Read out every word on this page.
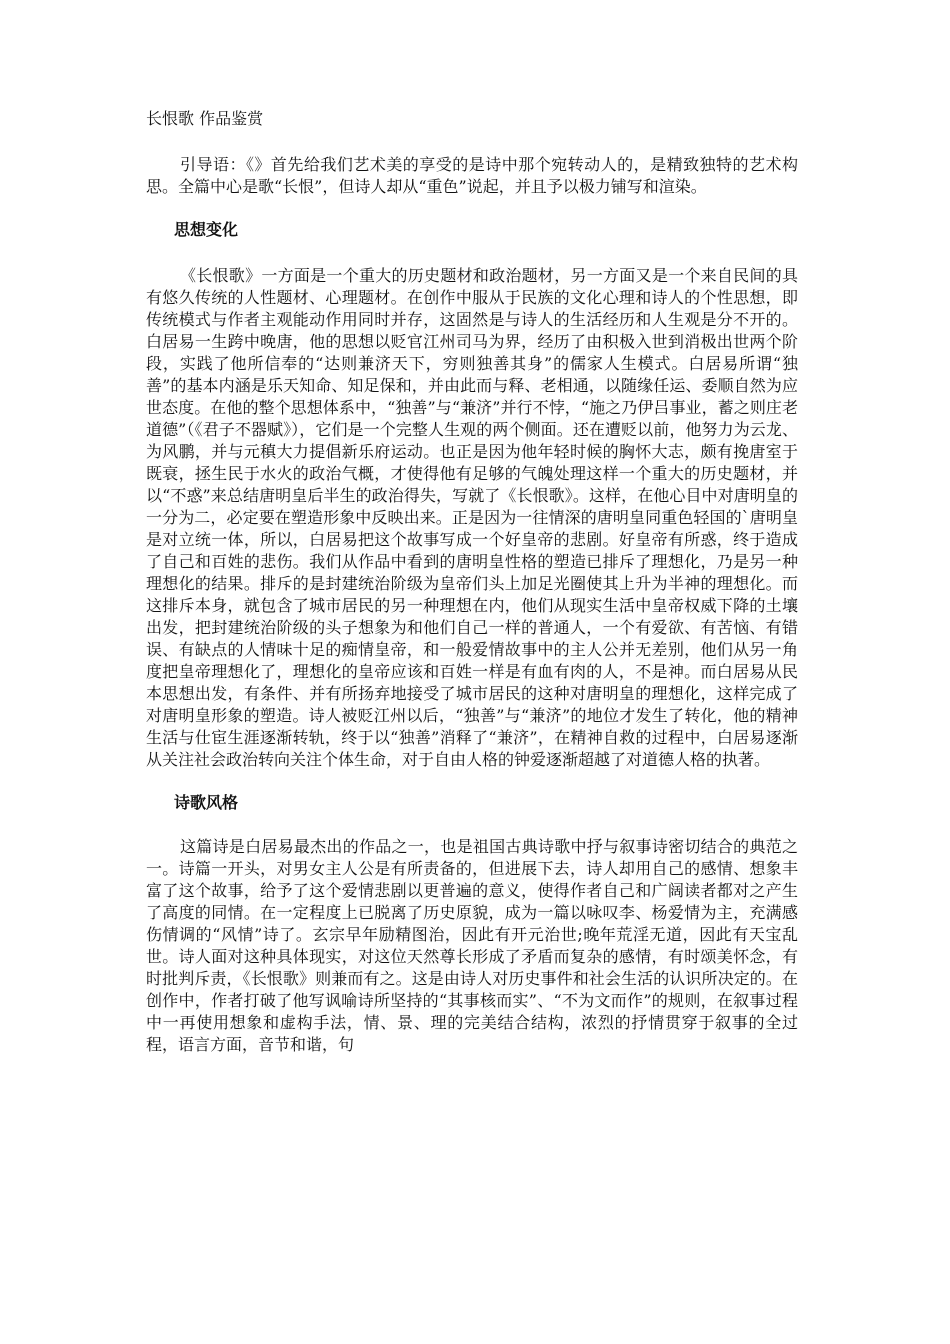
长恨歌 作品鉴赏

引导语：《》首先给我们艺术美的享受的是诗中那个宛转动人的，是精致独特的艺术构思。全篇中心是歌“长恨”，但诗人却从“重色”说起，并且予以极力铺写和渲染。

思想变化

《长恨歌》一方面是一个重大的历史题材和政治题材，另一方面又是一个来自民间的具有悠久传统的人性题材、心理题材。在创作中服从于民族的文化心理和诗人的个性思想，即传统模式与作者主观能动作用同时并存，这固然是与诗人的生活经历和人生观是分不开的。白居易一生跨中晚唐，他的思想以贬官江州司马为界，经历了由积极入世到消极出世两个阶段，实践了他所信奉的“达则兼济天下，穷则独善其身”的儒家人生模式。白居易所谓“独善”的基本内涵是乐天知命、知足保和，并由此而与释、老相通，以随缘任运、委顺自然为应世态度。在他的整个思想体系中，“独善”与“兼济”并行不悖，“施之乃伊吕事业，蓄之则庄老道德”（《君子不器赋》），它们是一个完整人生观的两个侧面。还在遭贬以前，他努力为云龙、为风鹏，并与元稹大力提倡新乐府运动。也正是因为他年轻时候的胸怀大志，颇有挽唐室于既衰，拯生民于水火的政治气概，才使得他有足够的气魄处理这样一个重大的历史题材，并以“不惑”来总结唐明皇后半生的政治得失，写就了《长恨歌》。这样，在他心目中对唐明皇的一分为二，必定要在塑造形象中反映出来。正是因为一往情深的唐明皇同重色轻国的`唐明皇是对立统一体，所以，白居易把这个故事写成一个好皇帝的悲剧。好皇帝有所惑，终于造成了自己和百姓的悲伤。我们从作品中看到的唐明皇性格的塑造已排斥了理想化，乃是另一种理想化的结果。排斥的是封建统治阶级为皇帝们头上加足光圈使其上升为半神的理想化。而这排斥本身，就包含了城市居民的另一种理想在内，他们从现实生活中皇帝权威下降的土壤出发，把封建统治阶级的头子想象为和他们自己一样的普通人，一个有爱欲、有苦恼、有错误、有缺点的人情味十足的痴情皇帝，和一般爱情故事中的主人公并无差别，他们从另一角度把皇帝理想化了，理想化的皇帝应该和百姓一样是有血有肉的人，不是神。而白居易从民本思想出发，有条件、并有所扬弃地接受了城市居民的这种对唐明皇的理想化，这样完成了对唐明皇形象的塑造。诗人被贬江州以后，“独善”与“兼济”的地位才发生了转化，他的精神生活与仕宦生涯逐渐转轨，终于以“独善”消释了“兼济”，在精神自救的过程中，白居易逐渐从关注社会政治转向关注个体生命，对于自由人格的钟爱逐渐超越了对道德人格的执著。

诗歌风格

这篇诗是白居易最杰出的作品之一，也是祖国古典诗歌中抒与叙事诗密切结合的典范之一。诗篇一开头，对男女主人公是有所责备的，但进展下去，诗人却用自己的感情、想象丰富了这个故事，给予了这个爱情悲剧以更普遍的意义，使得作者自己和广阔读者都对之产生了高度的同情。在一定程度上已脱离了历史原貌，成为一篇以咏叹李、杨爱情为主，充满感伤情调的“风情”诗了。玄宗早年励精图治，因此有开元治世;晚年荒淫无道，因此有天宝乱世。诗人面对这种具体现实，对这位天然尊长形成了矛盾而复杂的感情，有时颂美怀念，有时批判斥责，《长恨歌》则兼而有之。这是由诗人对历史事件和社会生活的认识所决定的。在创作中，作者打破了他写讽喻诗所坚持的“其事核而实”、“不为文而作”的规则，在叙事过程中一再使用想象和虚构手法，情、景、理的完美结合结构，浓烈的抒情贯穿于叙事的全过程，语言方面，音节和谐，句
